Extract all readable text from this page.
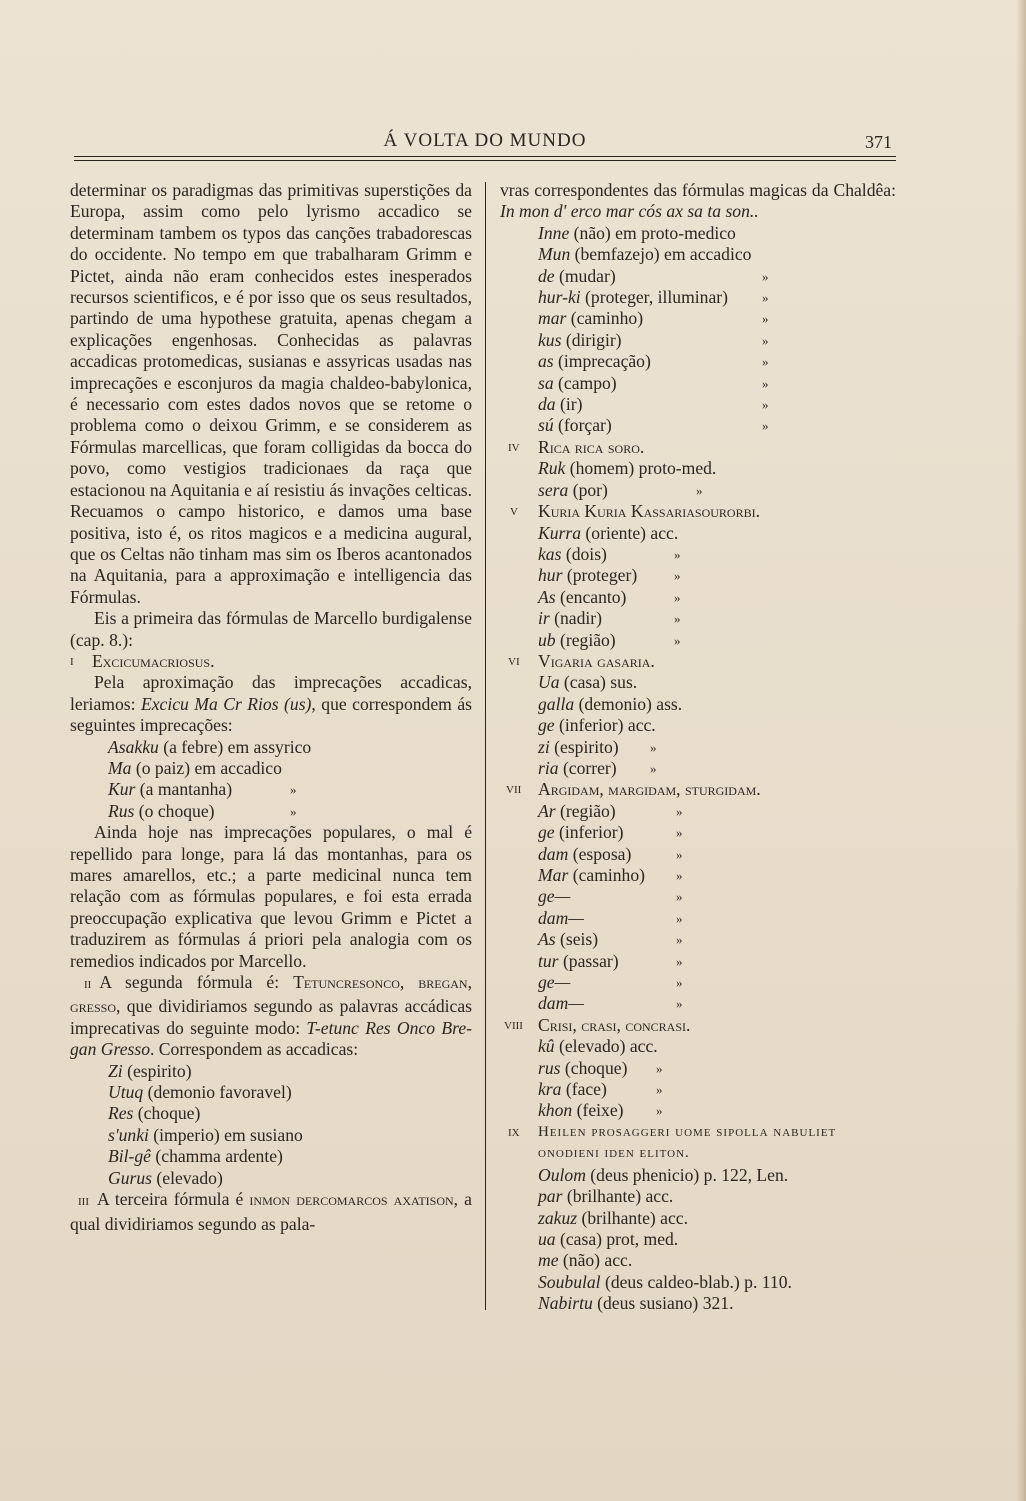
Á VOLTA DO MUNDO	371

determinar os paradigmas das primitivas superstições da Europa, assim como pelo lyrismo accadico se determinam tambem os typos das canções trabadorescas do occidente. No tempo em que trabalharam Grimm e Pictet, ainda não eram conhecidos estes inesperados recursos scientificos, e é por isso que os seus resultados, partindo de uma hypothese gratuita, apenas chegam a explicações engenhosas. Conhecidas as palavras accadicas protomedicas, susianas e assyricas usadas nas imprecações e esconjuros da magia chaldeo-babylonica, é necessario com estes dados novos que se retome o problema como o deixou Grimm, e se considerem as Fórmulas marcellicas, que foram colligidas da bocca do povo, como vestigios tradicionaes da raça que estacionou na Aquitania e aí resistiu ás invações celticas. Recuamos o campo historico, e damos uma base positiva, isto é, os ritos magicos e a medicina augural, que os Celtas não tinham mas sim os Iberos acantonados na Aquitania, para a approximação e intelligencia das Fórmulas.

Eis a primeira das fórmulas de Marcello burdigalense (cap. 8.):

I Excicumacriosus.

Pela aproximação das imprecações accadicas, leriamos: Excicu Ma Cr Rios (us), que correspondem ás seguintes imprecações:

Asakku (a febre) em assyrico
Ma (o paiz) em accadico
Kur (a mantanha)	»
Rus (o choque)	»

Ainda hoje nas imprecações populares, o mal é repellido para longe, para lá das montanhas, para os mares amarellos, etc.; a parte medicinal nunca tem relação com as fórmulas populares, e foi esta errada preoccupação explicativa que levou Grimm e Pictet a traduzirem as fórmulas á priori pela analogia com os remedios indicados por Marcello.

II A segunda fórmula é: Tetuncresonco, bregan, gresso, que dividiriamos segundo as palavras accádicas imprecativas do seguinte modo: T-etunc Res Onco Bre-gan Gresso. Correspondem as accadicas:

Zi (espirito)
Utuq (demonio favoravel)
Res (choque)
s'unki (imperio) em susiano
Bil-gê (chamma ardente)
Gurus (elevado)

III A terceira fórmula é inmon dercomarcos axatison, a qual dividiriamos segundo as pala-

vras correspondentes das fórmulas magicas da Chaldêa: In mon d' erco mar cós ax sa ta son..

Inne (não) em proto-medico
Mun (bemfazejo) em accadico
de (mudar)	»
hur-ki (proteger, illuminar)	»
mar (caminho)	»
kus (dirigir)	»
as (imprecação)	»
sa (campo)	»
da (ir)	»
sú (forçar)	»

IV Rica rica soro.

Ruk (homem) proto-med.
sera (por)	»

V Kuria Kuria Kassariasourorbi.

Kurra (oriente) acc.
kas (dois)	»
hur (proteger)	»
As (encanto)	»
ir (nadir)	»
ub (região)	»

VI Vigaria gasaria.

Ua (casa) sus.
galla (demonio) ass.
ge (inferior) acc.
zi (espirito) »
ria (correr)	»

VII Argidam, margidam, sturgidam.

Ar (região)	»
ge (inferior)	»
dam (esposa)	»
Mar (caminho) »
ge—	»
dam—	»
As (seis)	»
tur (passar)	»
ge—	»
dam—	»

VIII Crisi, crasi, concrasi.

kû (elevado) acc.
rus (choque) »
kra (face)	»
khon (feixe)	»

IX Heilen prosaggeri uome sipolla nabuliet onodieni iden eliton.

Oulom (deus phenicio) p. 122, Len.
par (brilhante) acc.
zakuz (brilhante) acc.
ua (casa) prot, med.
me (não) acc.
Soubulal (deus caldeo-blab.) p. 110.
Nabirtu (deus susiano) 321.
